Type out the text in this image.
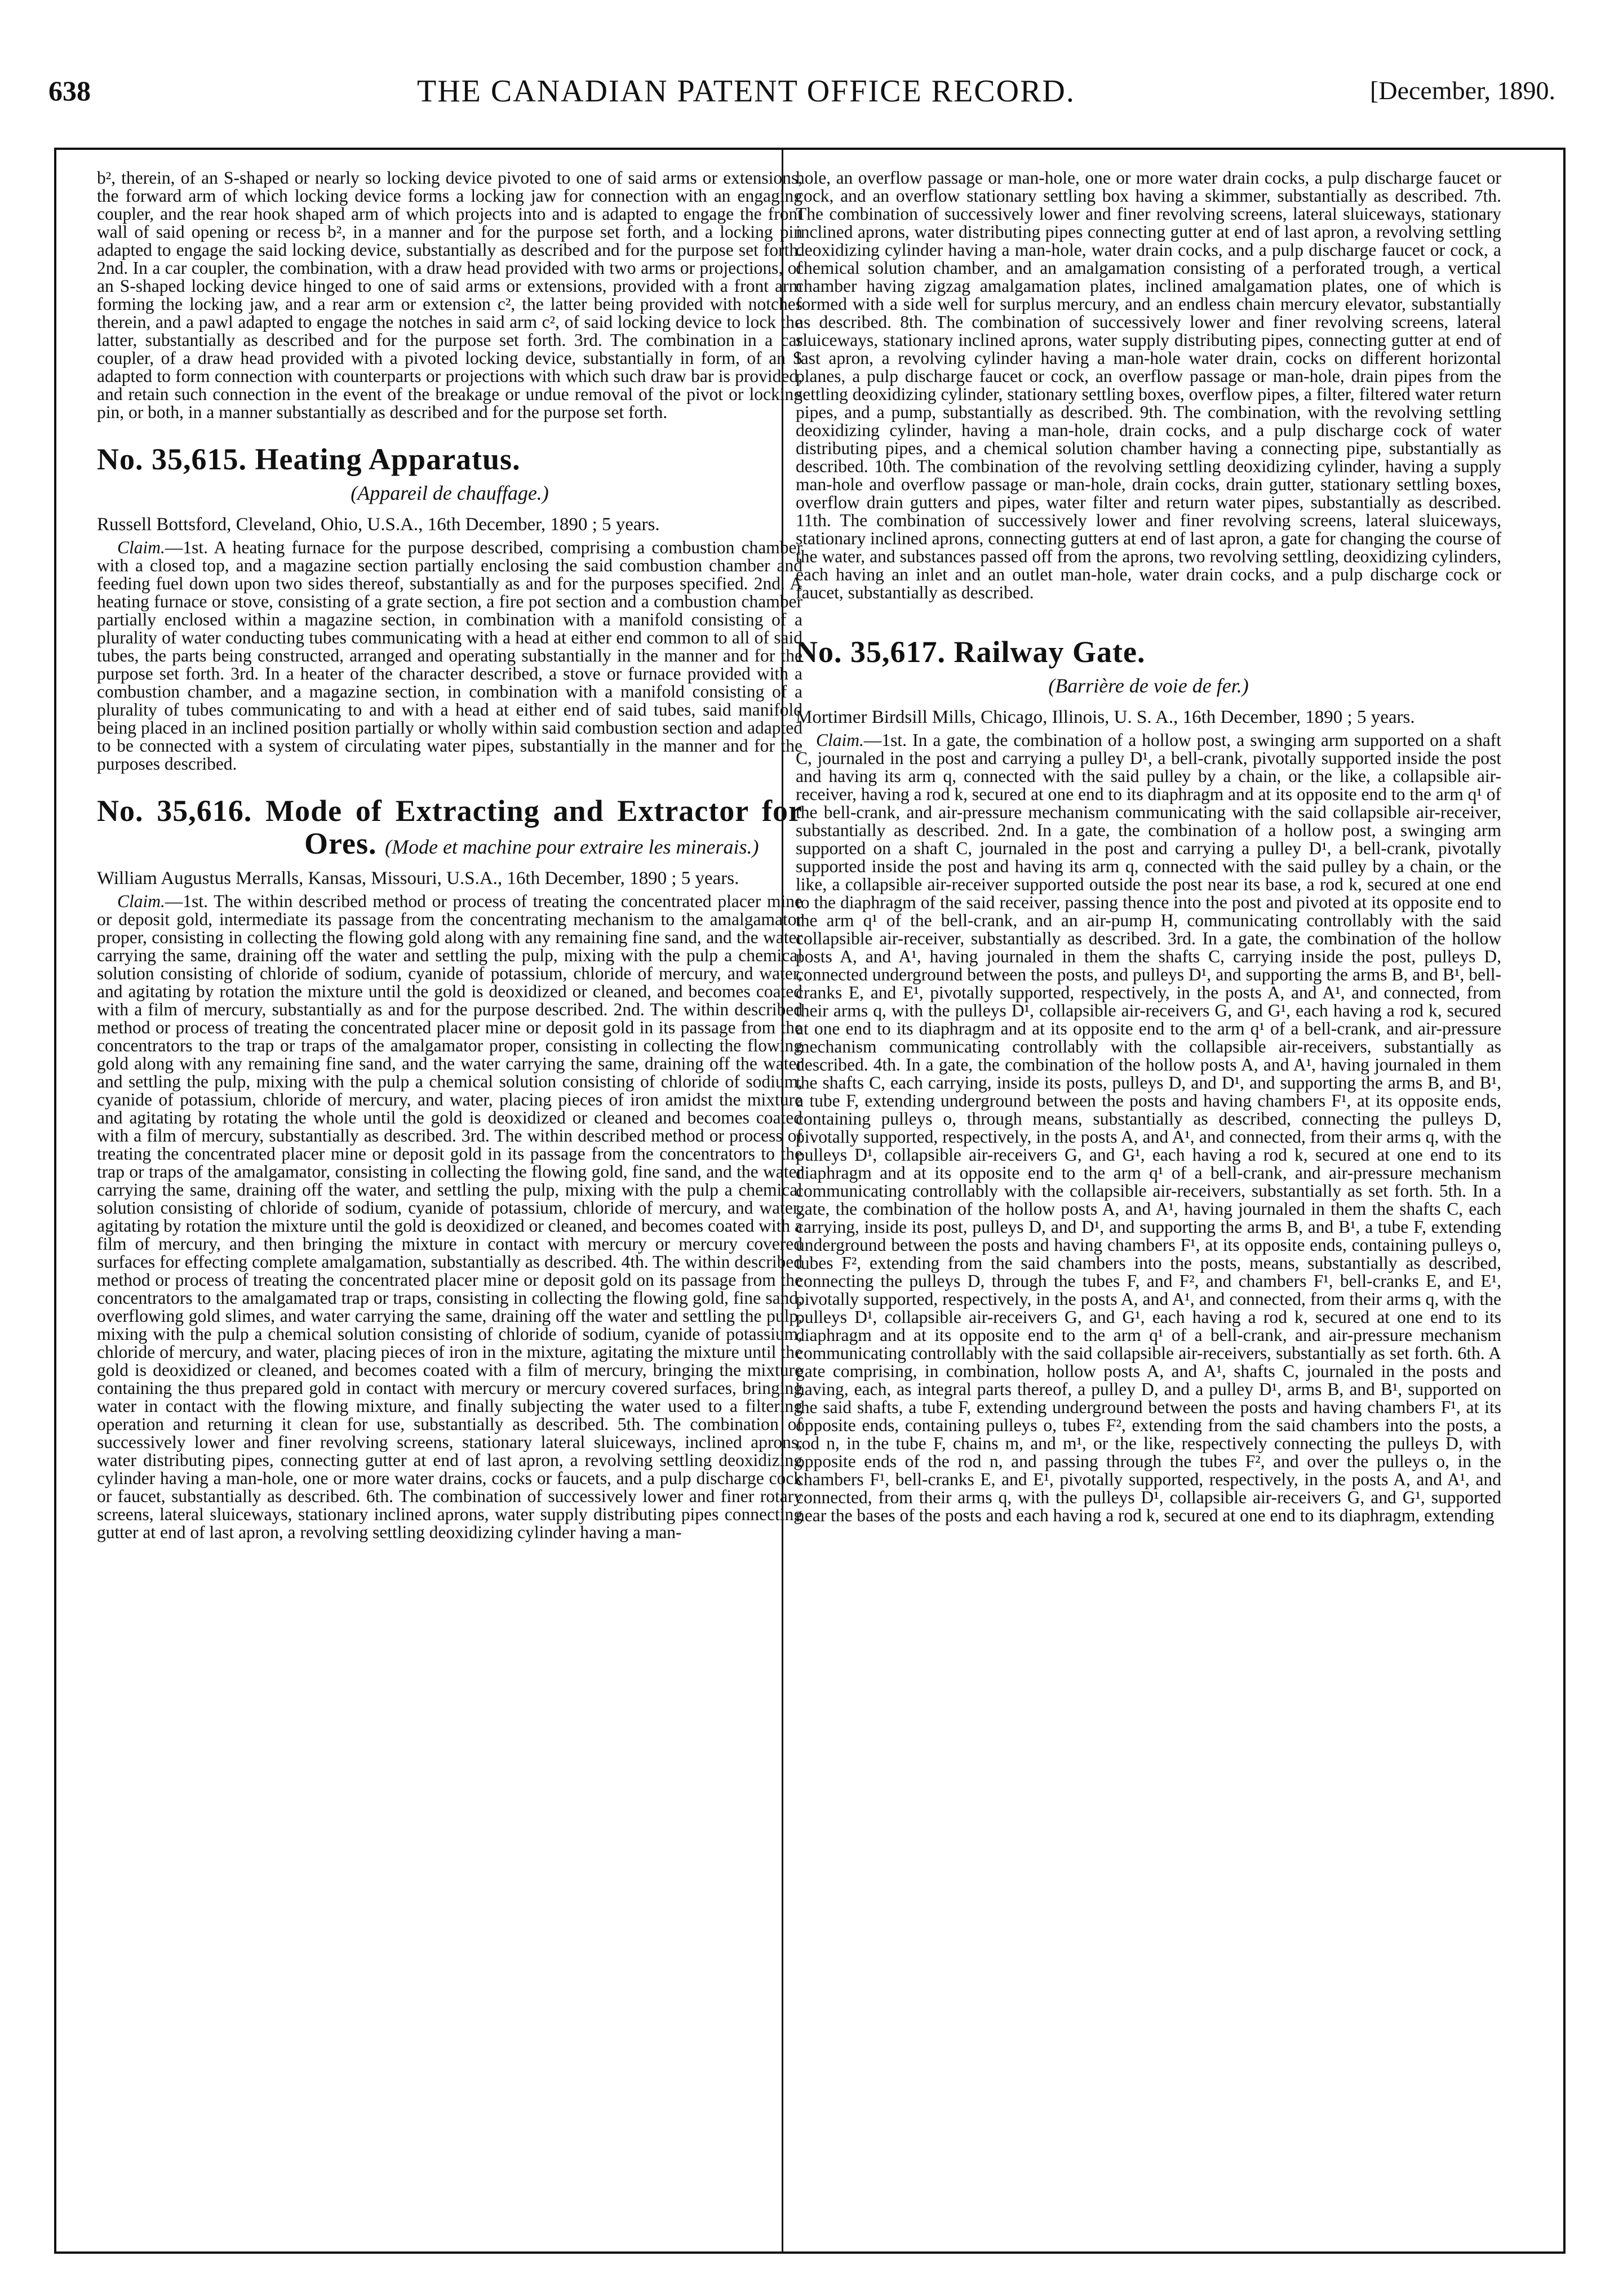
638	THE CANADIAN PATENT OFFICE RECORD.	[December, 1890.

b², therein, of an S-shaped or nearly so locking device pivoted to one of said arms or extensions, the forward arm of which locking device forms a locking jaw for connection with an engaging coupler, and the rear hook shaped arm of which projects into and is adapted to engage the front wall of said opening or recess b², in a manner and for the purpose set forth, and a locking pin adapted to engage the said locking device, substantially as described and for the purpose set forth. 2nd. In a car coupler, the combination, with a draw head provided with two arms or projections, of an S-shaped locking device hinged to one of said arms or extensions, provided with a front arm forming the locking jaw, and a rear arm or extension c², the latter being provided with notches therein, and a pawl adapted to engage the notches in said arm c², of said locking device to lock the latter, substantially as described and for the purpose set forth. 3rd. The combination in a car coupler, of a draw head provided with a pivoted locking device, substantially in form, of an S adapted to form connection with counterparts or projections with which such draw bar is provided, and retain such connection in the event of the breakage or undue removal of the pivot or locking pin, or both, in a manner substantially as described and for the purpose set forth.

No. 35,615. Heating Apparatus.

(Appareil de chauffage.)

Russell Bottsford, Cleveland, Ohio, U.S.A., 16th December, 1890 ; 5 years.

Claim.—1st. A heating furnace for the purpose described, comprising a combustion chamber with a closed top, and a magazine section partially enclosing the said combustion chamber and feeding fuel down upon two sides thereof, substantially as and for the purposes specified. 2nd. A heating furnace or stove, consisting of a grate section, a fire pot section and a combustion chamber partially enclosed within a magazine section, in combination with a manifold consisting of a plurality of water conducting tubes communicating with a head at either end common to all of said tubes, the parts being constructed, arranged and operating substantially in the manner and for the purpose set forth. 3rd. In a heater of the character described, a stove or furnace provided with a combustion chamber, and a magazine section, in combination with a manifold consisting of a plurality of tubes communicating to and with a head at either end of said tubes, said manifold being placed in an inclined position partially or wholly within said combustion section and adapted to be connected with a system of circulating water pipes, substantially in the manner and for the purposes described.

No. 35,616. Mode of Extracting and Extractor for Ores. (Mode et machine pour extraire les minerais.)

William Augustus Merralls, Kansas, Missouri, U.S.A., 16th December, 1890 ; 5 years.

Claim.—1st. The within described method or process of treating the concentrated placer mine or deposit gold, intermediate its passage from the concentrating mechanism to the amalgamator proper, consisting in collecting the flowing gold along with any remaining fine sand, and the water carrying the same, draining off the water and settling the pulp, mixing with the pulp a chemical solution consisting of chloride of sodium, cyanide of potassium, chloride of mercury, and water, and agitating by rotation the mixture until the gold is deoxidized or cleaned, and becomes coated with a film of mercury, substantially as and for the purpose described. 2nd. The within described method or process of treating the concentrated placer mine or deposit gold in its passage from the concentrators to the trap or traps of the amalgamator proper, consisting in collecting the flowing gold along with any remaining fine sand, and the water carrying the same, draining off the water and settling the pulp, mixing with the pulp a chemical solution consisting of chloride of sodium, cyanide of potassium, chloride of mercury, and water, placing pieces of iron amidst the mixture and agitating by rotating the whole until the gold is deoxidized or cleaned and becomes coated with a film of mercury, substantially as described. 3rd. The within described method or process of treating the concentrated placer mine or deposit gold in its passage from the concentrators to the trap or traps of the amalgamator, consisting in collecting the flowing gold, fine sand, and the water carrying the same, draining off the water, and settling the pulp, mixing with the pulp a chemical solution consisting of chloride of sodium, cyanide of potassium, chloride of mercury, and water, agitating by rotation the mixture until the gold is deoxidized or cleaned, and becomes coated with a film of mercury, and then bringing the mixture in contact with mercury or mercury covered surfaces for effecting complete amalgamation, substantially as described. 4th. The within described method or process of treating the concentrated placer mine or deposit gold on its passage from the concentrators to the amalgamated trap or traps, consisting in collecting the flowing gold, fine sand, overflowing gold slimes, and water carrying the same, draining off the water and settling the pulp, mixing with the pulp a chemical solution consisting of chloride of sodium, cyanide of potassium, chloride of mercury, and water, placing pieces of iron in the mixture, agitating the mixture until the gold is deoxidized or cleaned, and becomes coated with a film of mercury, bringing the mixture containing the thus prepared gold in contact with mercury or mercury covered surfaces, bringing water in contact with the flowing mixture, and finally subjecting the water used to a filtering operation and returning it clean for use, substantially as described. 5th. The combination of successively lower and finer revolving screens, stationary lateral sluiceways, inclined aprons, water distributing pipes, connecting gutter at end of last apron, a revolving settling deoxidizing cylinder having a man-hole, one or more water drains, cocks or faucets, and a pulp discharge cock or faucet, substantially as described. 6th. The combination of successively lower and finer rotary screens, lateral sluiceways, stationary inclined aprons, water supply distributing pipes connecting gutter at end of last apron, a revolving settling deoxidizing cylinder having a man-

hole, an overflow passage or man-hole, one or more water drain cocks, a pulp discharge faucet or cock, and an overflow stationary settling box having a skimmer, substantially as described. 7th. The combination of successively lower and finer revolving screens, lateral sluiceways, stationary inclined aprons, water distributing pipes connecting gutter at end of last apron, a revolving settling deoxidizing cylinder having a man-hole, water drain cocks, and a pulp discharge faucet or cock, a chemical solution chamber, and an amalgamation consisting of a perforated trough, a vertical chamber having zigzag amalgamation plates, inclined amalgamation plates, one of which is formed with a side well for surplus mercury, and an endless chain mercury elevator, substantially as described. 8th. The combination of successively lower and finer revolving screens, lateral sluiceways, stationary inclined aprons, water supply distributing pipes, connecting gutter at end of last apron, a revolving cylinder having a man-hole water drain, cocks on different horizontal planes, a pulp discharge faucet or cock, an overflow passage or man-hole, drain pipes from the settling deoxidizing cylinder, stationary settling boxes, overflow pipes, a filter, filtered water return pipes, and a pump, substantially as described. 9th. The combination, with the revolving settling deoxidizing cylinder, having a man-hole, drain cocks, and a pulp discharge cock of water distributing pipes, and a chemical solution chamber having a connecting pipe, substantially as described. 10th. The combination of the revolving settling deoxidizing cylinder, having a supply man-hole and overflow passage or man-hole, drain cocks, drain gutter, stationary settling boxes, overflow drain gutters and pipes, water filter and return water pipes, substantially as described. 11th. The combination of successively lower and finer revolving screens, lateral sluiceways, stationary inclined aprons, connecting gutters at end of last apron, a gate for changing the course of the water, and substances passed off from the aprons, two revolving settling, deoxidizing cylinders, each having an inlet and an outlet man-hole, water drain cocks, and a pulp discharge cock or faucet, substantially as described.

No. 35,617. Railway Gate.

(Barrière de voie de fer.)

Mortimer Birdsill Mills, Chicago, Illinois, U. S. A., 16th December, 1890 ; 5 years.

Claim.—1st. In a gate, the combination of a hollow post, a swinging arm supported on a shaft C, journaled in the post and carrying a pulley D¹, a bell-crank, pivotally supported inside the post and having its arm q, connected with the said pulley by a chain, or the like, a collapsible air-receiver, having a rod k, secured at one end to its diaphragm and at its opposite end to the arm q¹ of the bell-crank, and air-pressure mechanism communicating with the said collapsible air-receiver, substantially as described. 2nd. In a gate, the combination of a hollow post, a swinging arm supported on a shaft C, journaled in the post and carrying a pulley D¹, a bell-crank, pivotally supported inside the post and having its arm q, connected with the said pulley by a chain, or the like, a collapsible air-receiver supported outside the post near its base, a rod k, secured at one end to the diaphragm of the said receiver, passing thence into the post and pivoted at its opposite end to the arm q¹ of the bell-crank, and an air-pump H, communicating controllably with the said collapsible air-receiver, substantially as described. 3rd. In a gate, the combination of the hollow posts A, and A¹, having journaled in them the shafts C, carrying inside the post, pulleys D, connected underground between the posts, and pulleys D¹, and supporting the arms B, and B¹, bell-cranks E, and E¹, pivotally supported, respectively, in the posts A, and A¹, and connected, from their arms q, with the pulleys D¹, collapsible air-receivers G, and G¹, each having a rod k, secured at one end to its diaphragm and at its opposite end to the arm q¹ of a bell-crank, and air-pressure mechanism communicating controllably with the collapsible air-receivers, substantially as described. 4th. In a gate, the combination of the hollow posts A, and A¹, having journaled in them the shafts C, each carrying, inside its posts, pulleys D, and D¹, and supporting the arms B, and B¹, a tube F, extending underground between the posts and having chambers F¹, at its opposite ends, containing pulleys o, through means, substantially as described, connecting the pulleys D, pivotally supported, respectively, in the posts A, and A¹, and connected, from their arms q, with the pulleys D¹, collapsible air-receivers G, and G¹, each having a rod k, secured at one end to its diaphragm and at its opposite end to the arm q¹ of a bell-crank, and air-pressure mechanism communicating controllably with the collapsible air-receivers, substantially as set forth. 5th. In a gate, the combination of the hollow posts A, and A¹, having journaled in them the shafts C, each carrying, inside its post, pulleys D, and D¹, and supporting the arms B, and B¹, a tube F, extending underground between the posts and having chambers F¹, at its opposite ends, containing pulleys o, tubes F², extending from the said chambers into the posts, means, substantially as described, connecting the pulleys D, through the tubes F, and F², and chambers F¹, bell-cranks E, and E¹, pivotally supported, respectively, in the posts A, and A¹, and connected, from their arms q, with the pulleys D¹, collapsible air-receivers G, and G¹, each having a rod k, secured at one end to its diaphragm and at its opposite end to the arm q¹ of a bell-crank, and air-pressure mechanism communicating controllably with the said collapsible air-receivers, substantially as set forth. 6th. A gate comprising, in combination, hollow posts A, and A¹, shafts C, journaled in the posts and having, each, as integral parts thereof, a pulley D, and a pulley D¹, arms B, and B¹, supported on the said shafts, a tube F, extending underground between the posts and having chambers F¹, at its opposite ends, containing pulleys o, tubes F², extending from the said chambers into the posts, a rod n, in the tube F, chains m, and m¹, or the like, respectively connecting the pulleys D, with opposite ends of the rod n, and passing through the tubes F², and over the pulleys o, in the chambers F¹, bell-cranks E, and E¹, pivotally supported, respectively, in the posts A, and A¹, and connected, from their arms q, with the pulleys D¹, collapsible air-receivers G, and G¹, supported near the bases of the posts and each having a rod k, secured at one end to its diaphragm, extending
